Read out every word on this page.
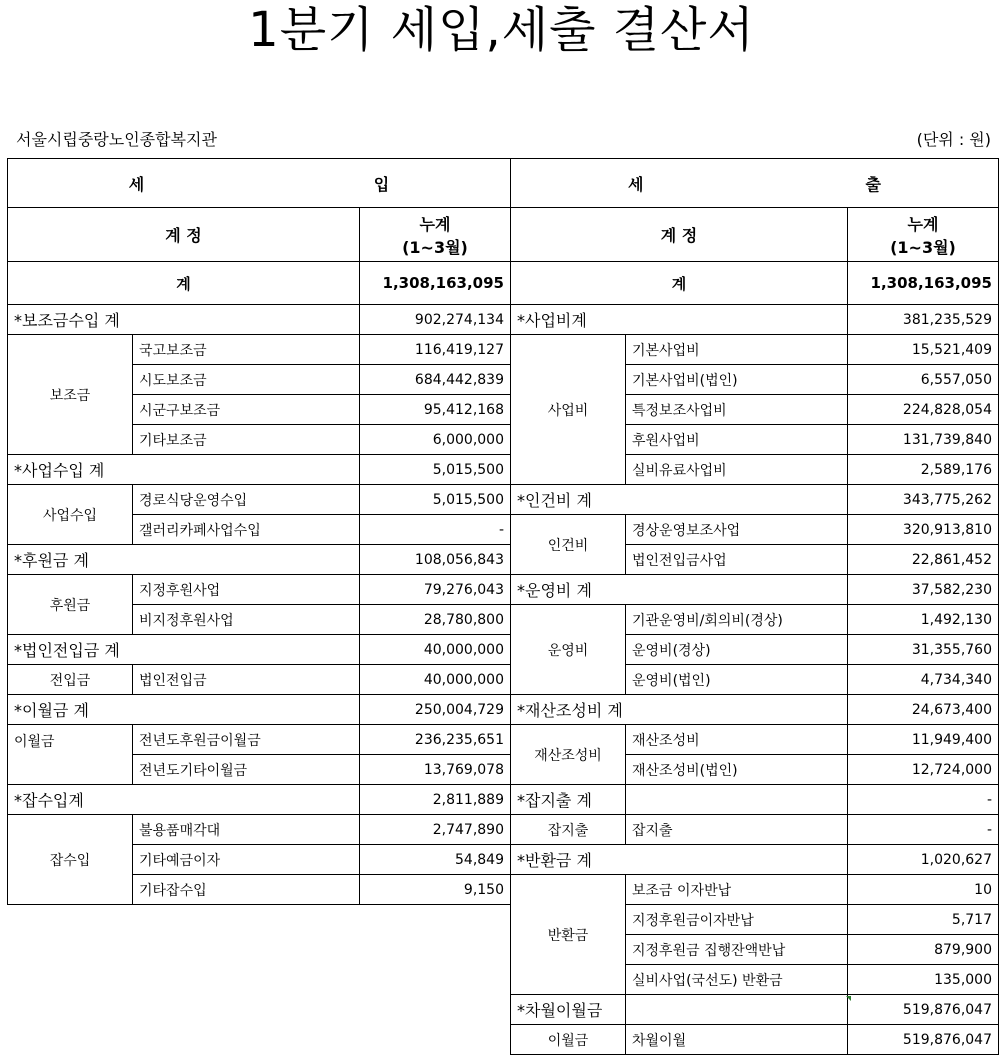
1분기 세입,세출 결산서
서울시립중랑노인종합복지관	(단위 : 원)
세 입		

계 정		누계
(1~3월)

계		1,308,163,095
*보조금수입 계		902,274,134
보조금	국고보조금	116,419,127
	시도보조금	684,442,839
	시군구보조금	95,412,168
	기타보조금	6,000,000
*사업수입 계		5,015,500
사업수입	경로식당운영수입	5,015,500
	갤러리카페사업수입	-
*후원금 계		108,056,843
후원금	지정후원사업	79,276,043
	비지정후원사업	28,780,800
*법인전입금 계		40,000,000
전입금	법인전입금	40,000,000
*이월금 계		250,004,729
이월금	전년도후원금이월금	236,235,651
	전년도기타이월금	13,769,078
*잡수입계		2,811,889
잡수입	불용품매각대	2,747,890
	기타예금이자	54,849
	기타잡수입	9,150
세 출		

계 정		누계
(1~3월)

계		1,308,163,095
*사업비계		381,235,529
사업비	기본사업비	15,521,409
	기본사업비(법인)	6,557,050
	특정보조사업비	224,828,054
	후원사업비	131,739,840
	실비유료사업비	2,589,176
*인건비 계		343,775,262
인건비	경상운영보조사업	320,913,810
	법인전입금사업	22,861,452
*운영비 계		37,582,230
운영비	기관운영비/회의비(경상)	1,492,130
	운영비(경상)	31,355,760
	운영비(법인)	4,734,340
*재산조성비 계		24,673,400
재산조성비	재산조성비	11,949,400
	재산조성비(법인)	12,724,000
*잡지출 계		-
잡지출	잡지출	-
*반환금 계		1,020,627
반환금	보조금 이자반납	10
	지정후원금이자반납	5,717
	지정후원금 집행잔액반납	879,900
	실비사업(국선도) 반환금	135,000
*차월이월금		519,876,047
이월금	차월이월	519,876,047
